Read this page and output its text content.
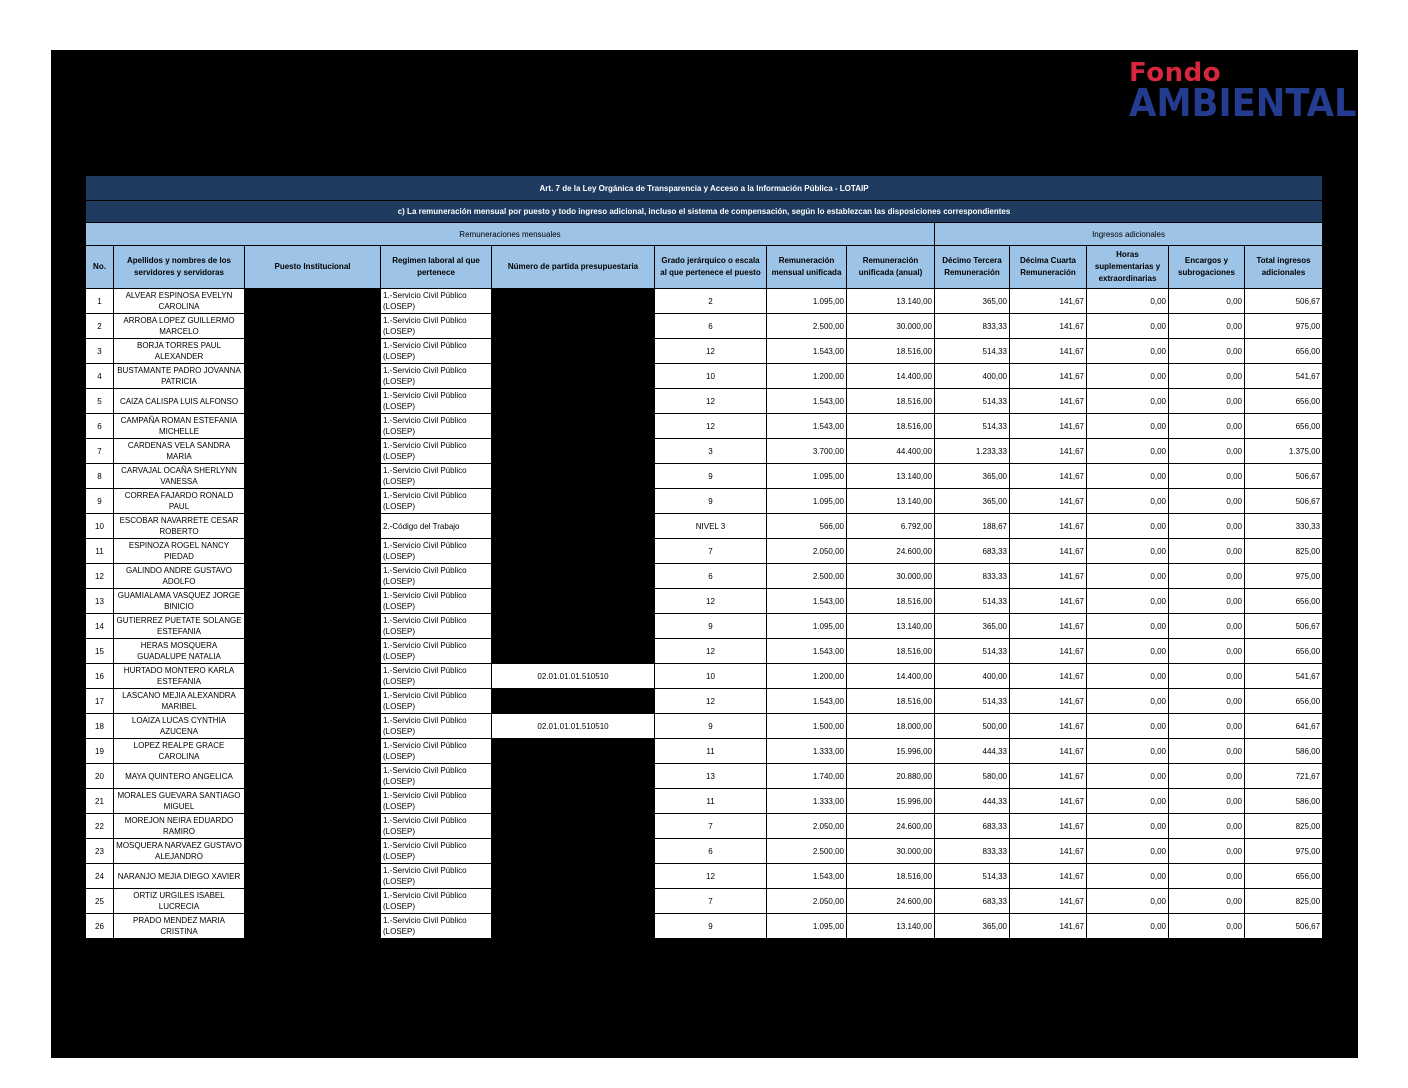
Fondo
AMBIENTAL
Art. 7 de la Ley Orgánica de Transparencia y Acceso a la Información Pública - LOTAIP												
c) La remuneración mensual por puesto y todo ingreso adicional, incluso el sistema de compensación, según lo establezcan las disposiciones correspondientes												
Remuneraciones mensuales								Ingresos adicionales				
No.	Apellidos y nombres de los servidores y servidoras	Puesto Institucional	Regimen laboral al que pertenece	Número de partida presupuestaria	Grado jerárquico o escala al que pertenece el puesto	Remuneración mensual unificada	Remuneración unificada (anual)	Décimo Tercera Remuneración	Décima Cuarta Remuneración	Horas suplementarias y extraordinarias	Encargos y subrogaciones	Total ingresos adicionales
1	ALVEAR ESPINOSA EVELYN CAROLINA		1.-Servicio Civil Público (LOSEP)		2	1.095,00	13.140,00	365,00	141,67	0,00	0,00	506,67
2	ARROBA LOPEZ GUILLERMO MARCELO		1.-Servicio Civil Público (LOSEP)		6	2.500,00	30.000,00	833,33	141,67	0,00	0,00	975,00
3	BORJA TORRES PAUL ALEXANDER		1.-Servicio Civil Público (LOSEP)		12	1.543,00	18.516,00	514,33	141,67	0,00	0,00	656,00
4	BUSTAMANTE PADRO JOVANNA PATRICIA		1.-Servicio Civil Público (LOSEP)		10	1.200,00	14.400,00	400,00	141,67	0,00	0,00	541,67
5	CAIZA CALISPA LUIS ALFONSO		1.-Servicio Civil Público (LOSEP)		12	1.543,00	18.516,00	514,33	141,67	0,00	0,00	656,00
6	CAMPAÑA ROMAN ESTEFANIA MICHELLE		1.-Servicio Civil Público (LOSEP)		12	1.543,00	18.516,00	514,33	141,67	0,00	0,00	656,00
7	CARDENAS VELA SANDRA MARIA		1.-Servicio Civil Público (LOSEP)		3	3.700,00	44.400,00	1.233,33	141,67	0,00	0,00	1.375,00
8	CARVAJAL OCAÑA SHERLYNN VANESSA		1.-Servicio Civil Público (LOSEP)		9	1.095,00	13.140,00	365,00	141,67	0,00	0,00	506,67
9	CORREA FAJARDO RONALD PAUL		1.-Servicio Civil Público (LOSEP)		9	1.095,00	13.140,00	365,00	141,67	0,00	0,00	506,67
10	ESCOBAR NAVARRETE CESAR ROBERTO		2.-Código del Trabajo		NIVEL 3	566,00	6.792,00	188,67	141,67	0,00	0,00	330,33
11	ESPINOZA ROGEL NANCY PIEDAD		1.-Servicio Civil Público (LOSEP)		7	2.050,00	24.600,00	683,33	141,67	0,00	0,00	825,00
12	GALINDO ANDRE GUSTAVO ADOLFO		1.-Servicio Civil Público (LOSEP)		6	2.500,00	30.000,00	833,33	141,67	0,00	0,00	975,00
13	GUAMIALAMA VASQUEZ JORGE BINICIO		1.-Servicio Civil Público (LOSEP)		12	1.543,00	18.516,00	514,33	141,67	0,00	0,00	656,00
14	GUTIERREZ PUETATE SOLANGE ESTEFANIA		1.-Servicio Civil Público (LOSEP)		9	1.095,00	13.140,00	365,00	141,67	0,00	0,00	506,67
15	HERAS MOSQUERA GUADALUPE NATALIA		1.-Servicio Civil Público (LOSEP)		12	1.543,00	18.516,00	514,33	141,67	0,00	0,00	656,00
16	HURTADO MONTERO KARLA ESTEFANIA		1.-Servicio Civil Público (LOSEP)	02.01.01.01.510510	10	1.200,00	14.400,00	400,00	141,67	0,00	0,00	541,67
17	LASCANO MEJIA ALEXANDRA MARIBEL		1.-Servicio Civil Público (LOSEP)		12	1.543,00	18.516,00	514,33	141,67	0,00	0,00	656,00
18	LOAIZA LUCAS CYNTHIA AZUCENA		1.-Servicio Civil Público (LOSEP)	02.01.01.01.510510	9	1.500,00	18.000,00	500,00	141,67	0,00	0,00	641,67
19	LOPEZ REALPE GRACE CAROLINA		1.-Servicio Civil Público (LOSEP)		11	1.333,00	15.996,00	444,33	141,67	0,00	0,00	586,00
20	MAYA QUINTERO ANGELICA		1.-Servicio Civil Público (LOSEP)		13	1.740,00	20.880,00	580,00	141,67	0,00	0,00	721,67
21	MORALES GUEVARA SANTIAGO MIGUEL		1.-Servicio Civil Público (LOSEP)		11	1.333,00	15.996,00	444,33	141,67	0,00	0,00	586,00
22	MOREJON NEIRA EDUARDO RAMIRO		1.-Servicio Civil Público (LOSEP)		7	2.050,00	24.600,00	683,33	141,67	0,00	0,00	825,00
23	MOSQUERA NARVAEZ GUSTAVO ALEJANDRO		1.-Servicio Civil Público (LOSEP)		6	2.500,00	30.000,00	833,33	141,67	0,00	0,00	975,00
24	NARANJO MEJIA DIEGO XAVIER		1.-Servicio Civil Público (LOSEP)		12	1.543,00	18.516,00	514,33	141,67	0,00	0,00	656,00
25	ORTIZ URGILES ISABEL LUCRECIA		1.-Servicio Civil Público (LOSEP)		7	2.050,00	24.600,00	683,33	141,67	0,00	0,00	825,00
26	PRADO MENDEZ MARIA CRISTINA		1.-Servicio Civil Público (LOSEP)		9	1.095,00	13.140,00	365,00	141,67	0,00	0,00	506,67
